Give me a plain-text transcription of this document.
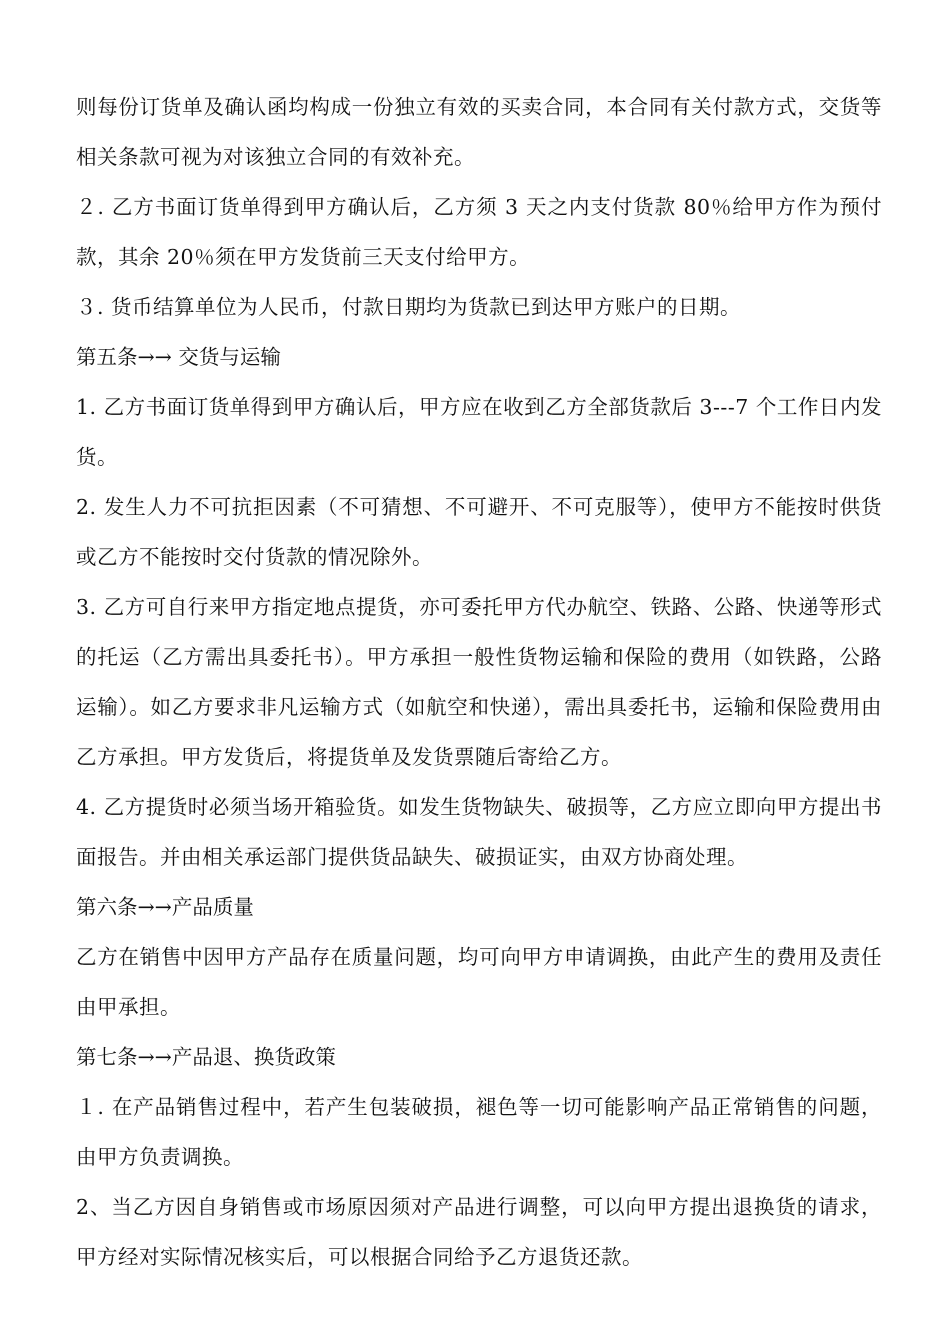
则每份订货单及确认函均构成一份独立有效的买卖合同，本合同有关付款方式，交货等相关条款可视为对该独立合同的有效补充。

２. 乙方书面订货单得到甲方确认后，乙方须 3 天之内支付货款 80％给甲方作为预付款，其余 20％须在甲方发货前三天支付给甲方。

３. 货币结算单位为人民币，付款日期均为货款已到达甲方账户的日期。

第五条→→ 交货与运输

1. 乙方书面订货单得到甲方确认后，甲方应在收到乙方全部货款后 3---7 个工作日内发货。

2. 发生人力不可抗拒因素（不可猜想、不可避开、不可克服等），使甲方不能按时供货或乙方不能按时交付货款的情况除外。

3. 乙方可自行来甲方指定地点提货，亦可委托甲方代办航空、铁路、公路、快递等形式的托运（乙方需出具委托书）。甲方承担一般性货物运输和保险的费用（如铁路，公路运输）。如乙方要求非凡运输方式（如航空和快递），需出具委托书，运输和保险费用由乙方承担。甲方发货后，将提货单及发货票随后寄给乙方。

4. 乙方提货时必须当场开箱验货。如发生货物缺失、破损等，乙方应立即向甲方提出书面报告。并由相关承运部门提供货品缺失、破损证实，由双方协商处理。

第六条→→产品质量

乙方在销售中因甲方产品存在质量问题，均可向甲方申请调换，由此产生的费用及责任由甲承担。

第七条→→产品退、换货政策

１. 在产品销售过程中，若产生包装破损，褪色等一切可能影响产品正常销售的问题，由甲方负责调换。

2、当乙方因自身销售或市场原因须对产品进行调整，可以向甲方提出退换货的请求，甲方经对实际情况核实后，可以根据合同给予乙方退货还款。
